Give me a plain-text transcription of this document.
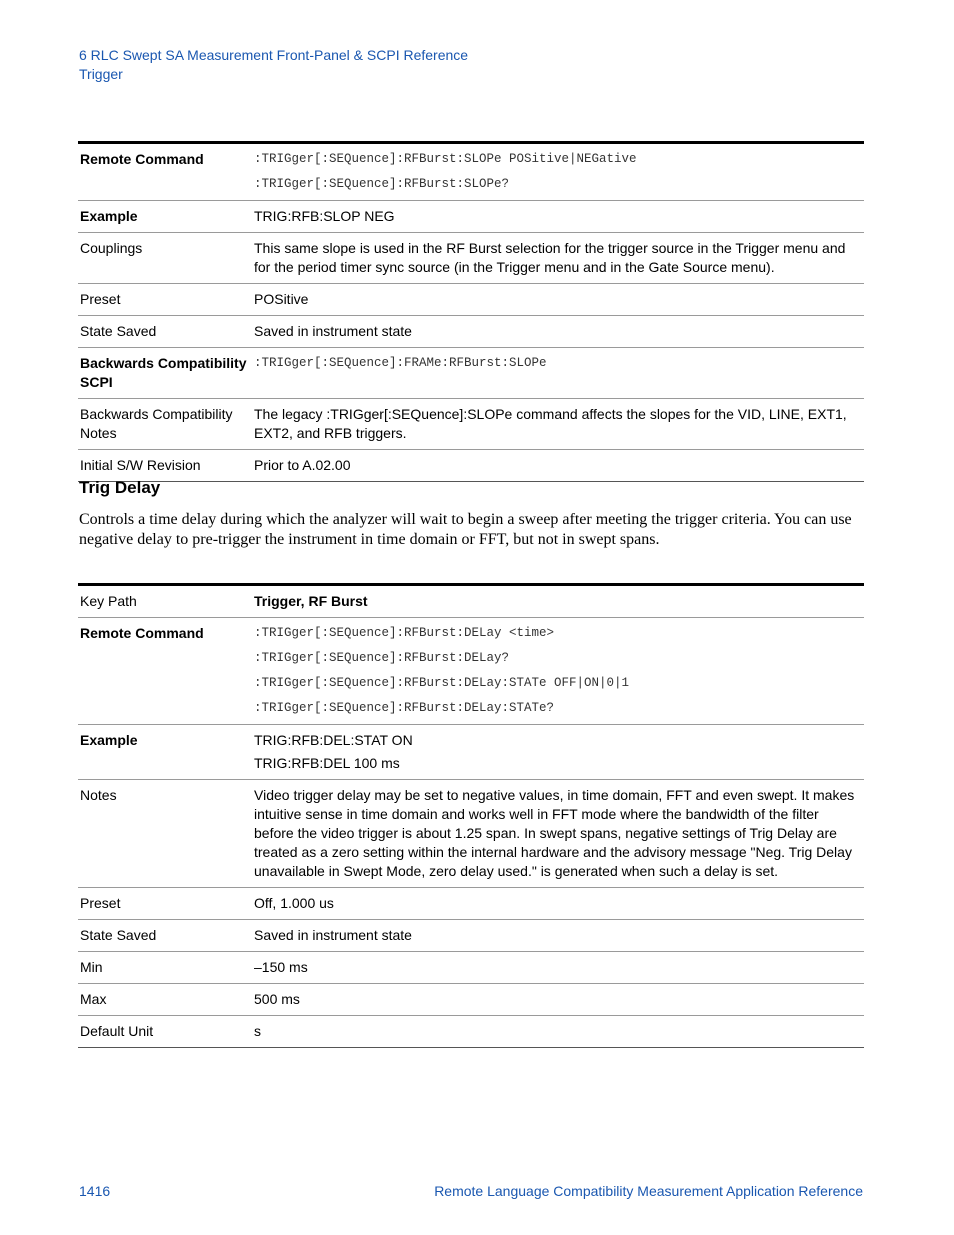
6 RLC Swept SA Measurement Front-Panel & SCPI Reference
Trigger
Remote Command	:TRIGger[:SEQuence]:RFBurst:SLOPe POSitive|NEGative
:TRIGger[:SEQuence]:RFBurst:SLOPe?

Example	TRIG:RFB:SLOP NEG

Couplings	This same slope is used in the RF Burst selection for the trigger source in the Trigger menu and for the period timer sync source (in the Trigger menu and in the Gate Source menu).

Preset	POSitive

State Saved	Saved in instrument state

Backwards Compatibility SCPI	:TRIGger[:SEQuence]:FRAMe:RFBurst:SLOPe

Backwards Compatibility Notes	The legacy :TRIGger[:SEQuence]:SLOPe command affects the slopes for the VID, LINE, EXT1, EXT2, and RFB triggers.

Initial S/W Revision	Prior to A.02.00
Trig Delay

Controls a time delay during which the analyzer will wait to begin a sweep after meeting the trigger criteria. You can use negative delay to pre-trigger the instrument in time domain or FFT, but not in swept spans.

Key Path	Trigger, RF Burst

Remote Command	:TRIGger[:SEQuence]:RFBurst:DELay <time>
:TRIGger[:SEQuence]:RFBurst:DELay?
:TRIGger[:SEQuence]:RFBurst:DELay:STATe OFF|ON|0|1
:TRIGger[:SEQuence]:RFBurst:DELay:STATe?

Example	TRIG:RFB:DEL:STAT ON
TRIG:RFB:DEL 100 ms

Notes	Video trigger delay may be set to negative values, in time domain, FFT and even swept. It makes intuitive sense in time domain and works well in FFT mode where the bandwidth of the filter before the video trigger is about 1.25 span. In swept spans, negative settings of Trig Delay are treated as a zero setting within the internal hardware and the advisory message "Neg. Trig Delay unavailable in Swept Mode, zero delay used." is generated when such a delay is set.

Preset	Off, 1.000 us

State Saved	Saved in instrument state

Min	–150 ms

Max	500 ms

Default Unit	s
1416	Remote Language Compatibility Measurement Application Reference
